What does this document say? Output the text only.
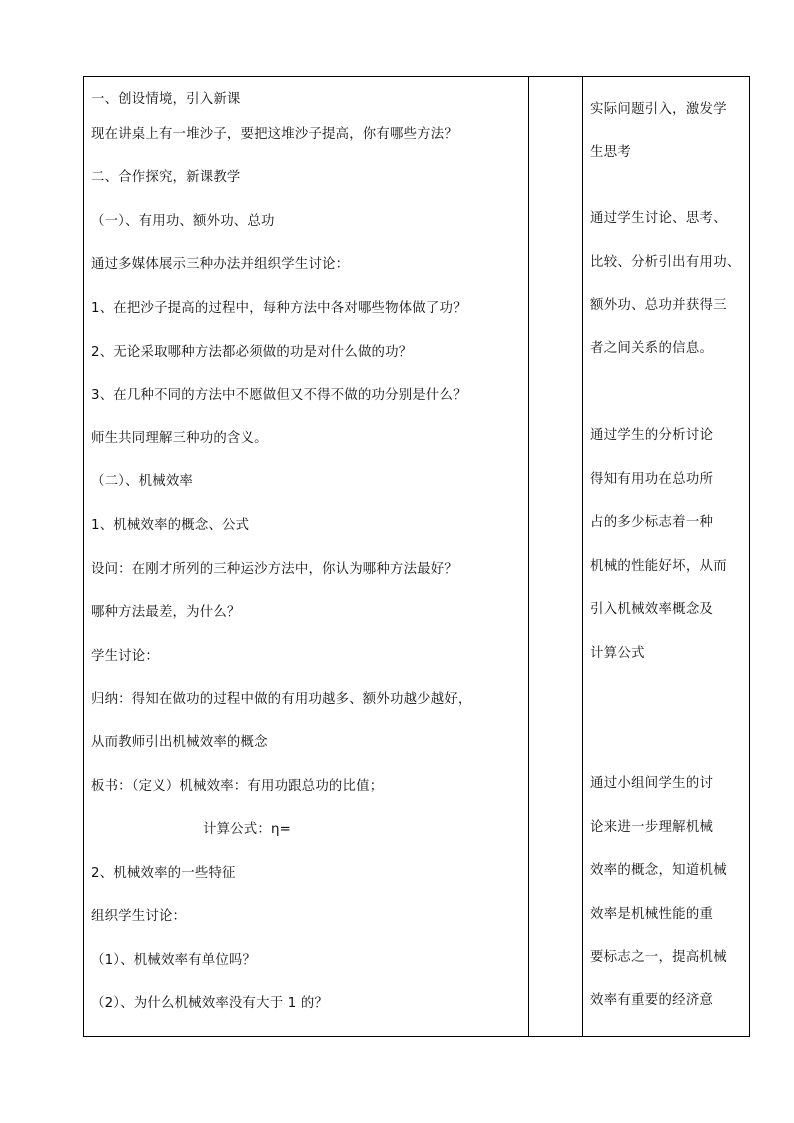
一、创设情境，引入新课
现在讲桌上有一堆沙子，要把这堆沙子提高，你有哪些方法？
二、合作探究，新课教学
（一）、有用功、额外功、总功
通过多媒体展示三种办法并组织学生讨论：
1、在把沙子提高的过程中，每种方法中各对哪些物体做了功？
2、无论采取哪种方法都必须做的功是对什么做的功？
3、在几种不同的方法中不愿做但又不得不做的功分别是什么？
师生共同理解三种功的含义。
（二）、机械效率
1、机械效率的概念、公式
设问：在刚才所列的三种运沙方法中，你认为哪种方法最好？
哪种方法最差，为什么？
学生讨论：
归纳：得知在做功的过程中做的有用功越多、额外功越少越好，
从而教师引出机械效率的概念
板书：（定义）机械效率：有用功跟总功的比值；
计算公式：η=
2、机械效率的一些特征
组织学生讨论：
（1）、机械效率有单位吗？
（2）、为什么机械效率没有大于 1 的？
实际问题引入，激发学
生思考
通过学生讨论、思考、
比较、分析引出有用功、
额外功、总功并获得三
者之间关系的信息。
通过学生的分析讨论
得知有用功在总功所
占的多少标志着一种
机械的性能好坏，从而
引入机械效率概念及
计算公式
通过小组间学生的讨
论来进一步理解机械
效率的概念，知道机械
效率是机械性能的重
要标志之一，提高机械
效率有重要的经济意
